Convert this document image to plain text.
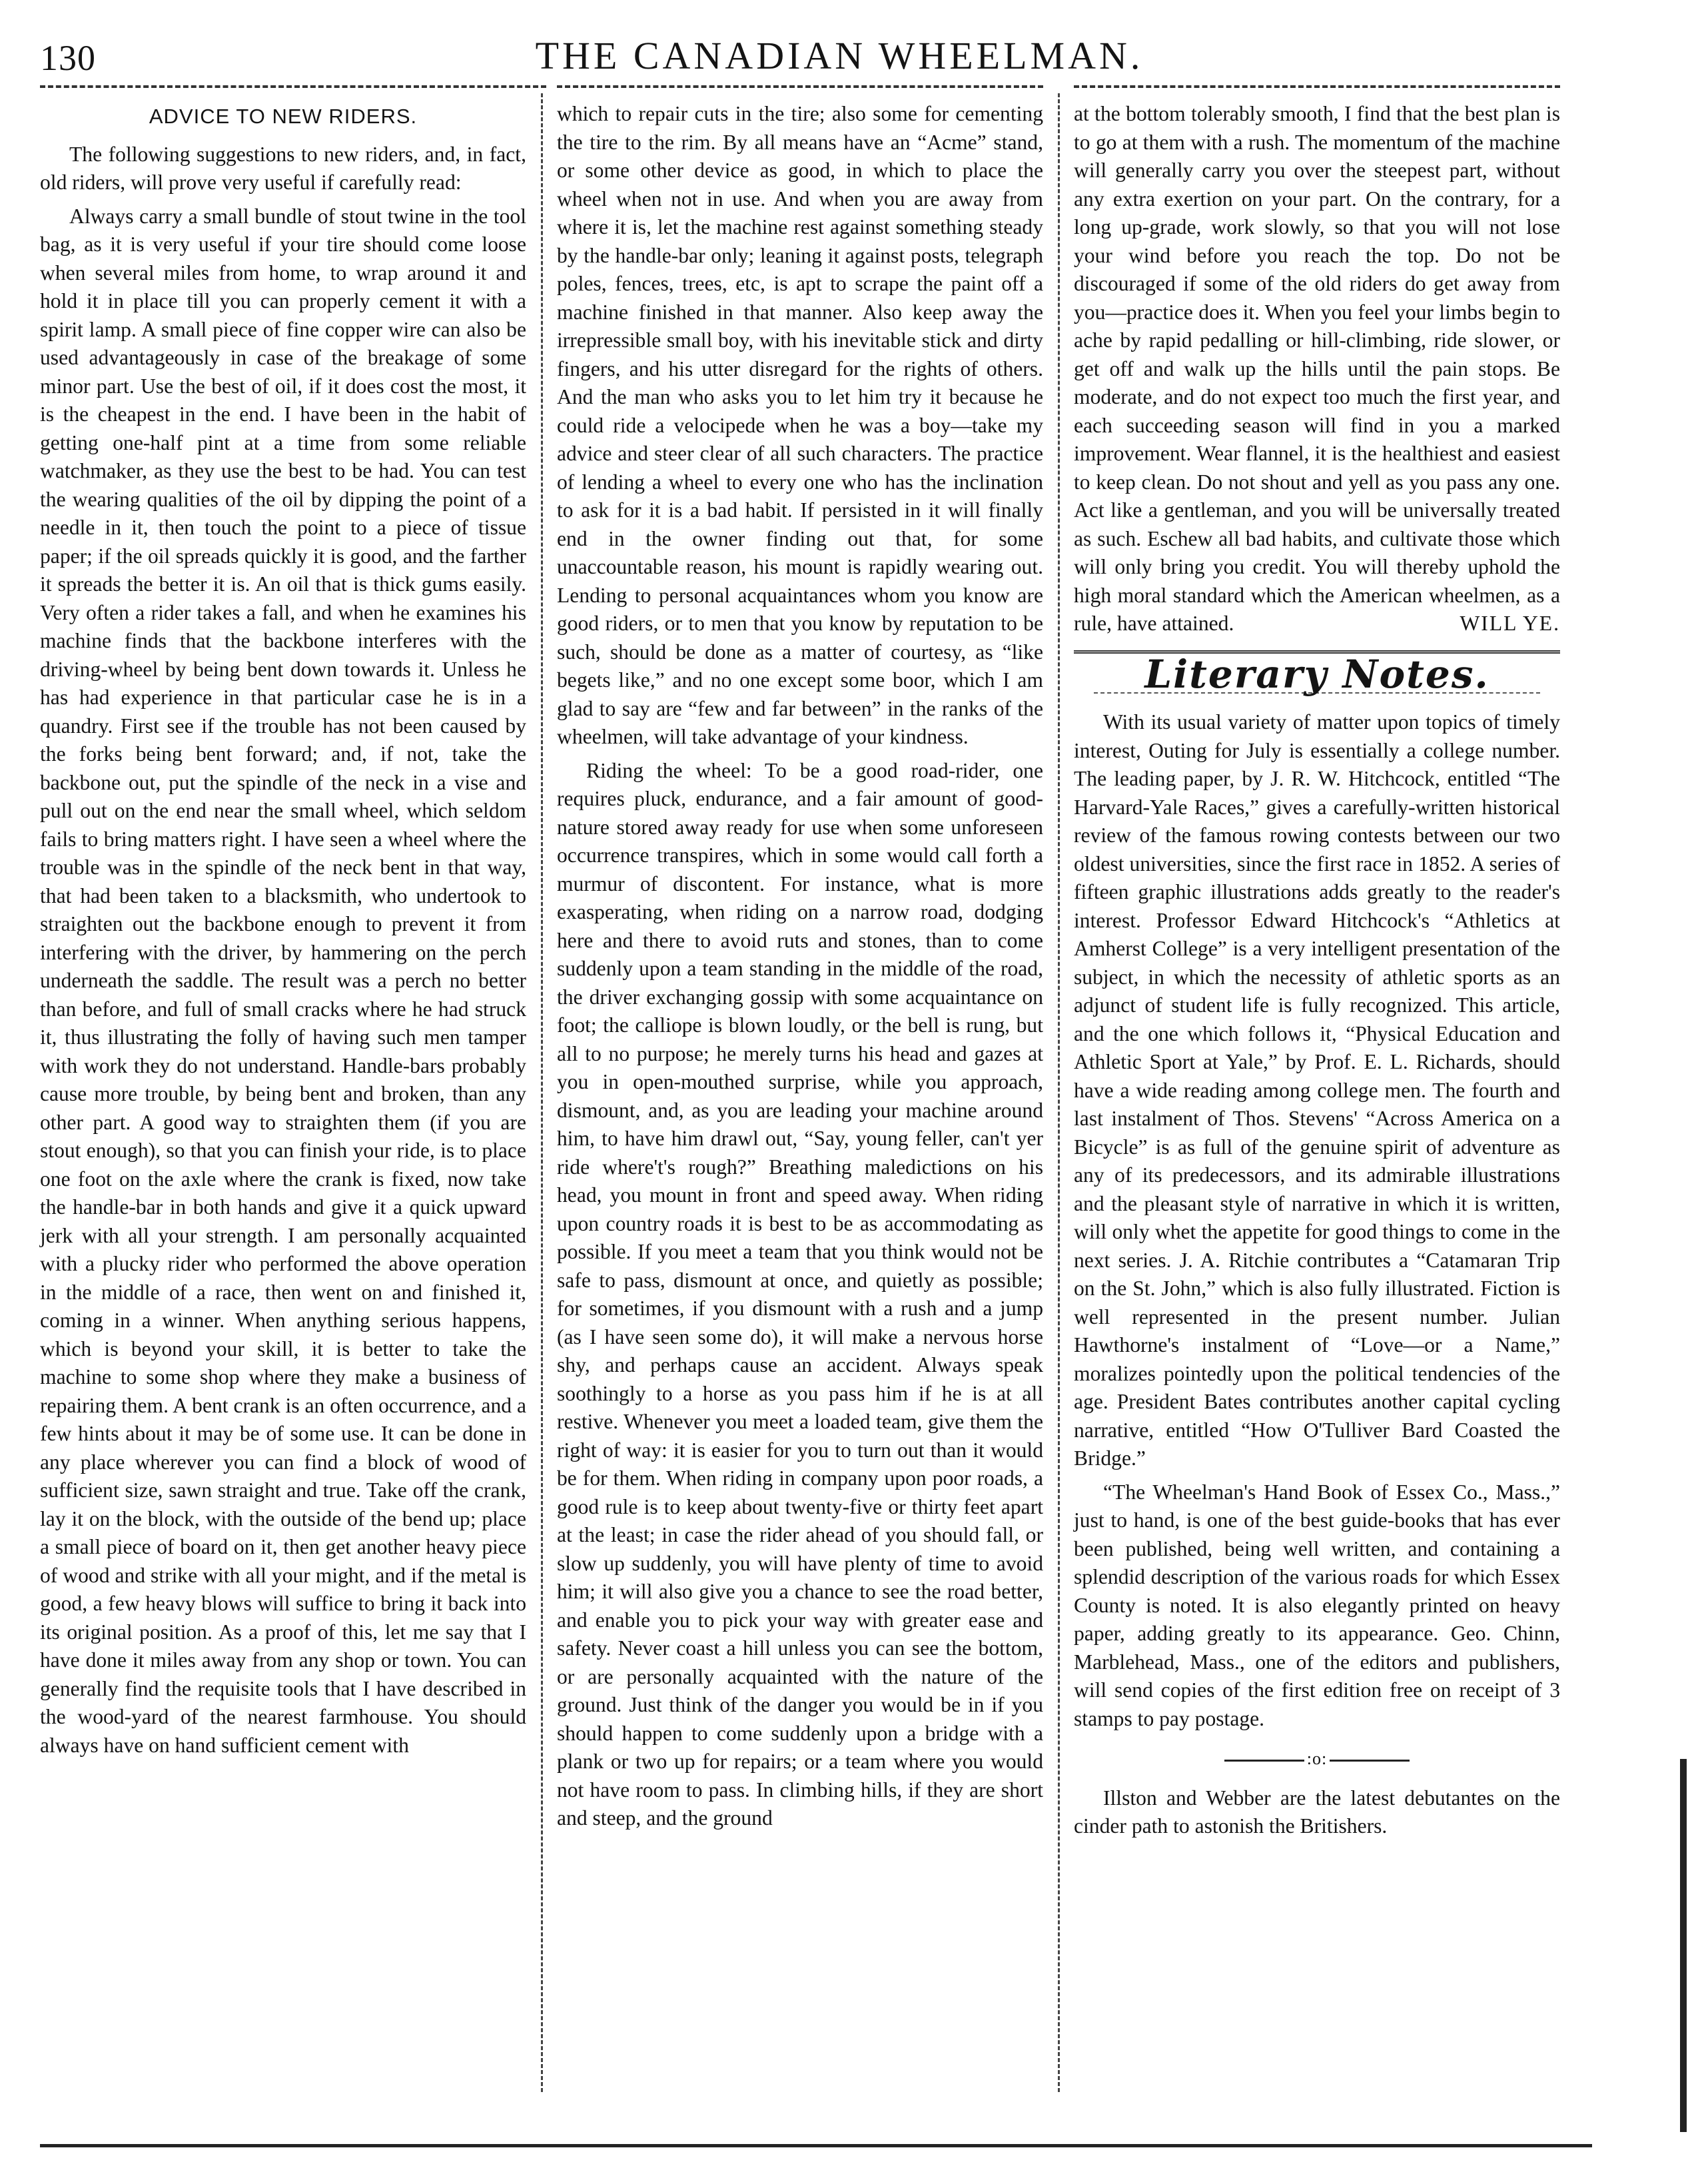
130	THE CANADIAN WHEELMAN.
ADVICE TO NEW RIDERS.

The following suggestions to new riders, and, in fact, old riders, will prove very useful if carefully read:

Always carry a small bundle of stout twine in the tool bag, as it is very useful if your tire should come loose when several miles from home, to wrap around it and hold it in place till you can properly cement it with a spirit lamp. A small piece of fine copper wire can also be used advantageously in case of the breakage of some minor part. Use the best of oil, if it does cost the most, it is the cheapest in the end. I have been in the habit of getting one-half pint at a time from some reliable watchmaker, as they use the best to be had. You can test the wearing qualities of the oil by dipping the point of a needle in it, then touch the point to a piece of tissue paper; if the oil spreads quickly it is good, and the farther it spreads the better it is. An oil that is thick gums easily. Very often a rider takes a fall, and when he examines his machine finds that the backbone interferes with the driving-wheel by being bent down towards it. Unless he has had experience in that particular case he is in a quandry. First see if the trouble has not been caused by the forks being bent forward; and, if not, take the backbone out, put the spindle of the neck in a vise and pull out on the end near the small wheel, which seldom fails to bring matters right. I have seen a wheel where the trouble was in the spindle of the neck bent in that way, that had been taken to a blacksmith, who undertook to straighten out the backbone enough to prevent it from interfering with the driver, by hammering on the perch underneath the saddle. The result was a perch no better than before, and full of small cracks where he had struck it, thus illustrating the folly of having such men tamper with work they do not understand. Handle-bars probably cause more trouble, by being bent and broken, than any other part. A good way to straighten them (if you are stout enough), so that you can finish your ride, is to place one foot on the axle where the crank is fixed, now take the handle-bar in both hands and give it a quick upward jerk with all your strength. I am personally acquainted with a plucky rider who performed the above operation in the middle of a race, then went on and finished it, coming in a winner. When anything serious happens, which is beyond your skill, it is better to take the machine to some shop where they make a business of repairing them. A bent crank is an often occurrence, and a few hints about it may be of some use. It can be done in any place wherever you can find a block of wood of sufficient size, sawn straight and true. Take off the crank, lay it on the block, with the outside of the bend up; place a small piece of board on it, then get another heavy piece of wood and strike with all your might, and if the metal is good, a few heavy blows will suffice to bring it back into its original position. As a proof of this, let me say that I have done it miles away from any shop or town. You can generally find the requisite tools that I have described in the wood-yard of the nearest farmhouse. You should always have on hand sufficient cement with

which to repair cuts in the tire; also some for cementing the tire to the rim. By all means have an “Acme” stand, or some other device as good, in which to place the wheel when not in use. And when you are away from where it is, let the machine rest against something steady by the handle-bar only; leaning it against posts, telegraph poles, fences, trees, etc, is apt to scrape the paint off a machine finished in that manner. Also keep away the irrepressible small boy, with his inevitable stick and dirty fingers, and his utter disregard for the rights of others. And the man who asks you to let him try it because he could ride a velocipede when he was a boy—take my advice and steer clear of all such characters. The practice of lending a wheel to every one who has the inclination to ask for it is a bad habit. If persisted in it will finally end in the owner finding out that, for some unaccountable reason, his mount is rapidly wearing out. Lending to personal acquaintances whom you know are good riders, or to men that you know by reputation to be such, should be done as a matter of courtesy, as “like begets like,” and no one except some boor, which I am glad to say are “few and far between” in the ranks of the wheelmen, will take advantage of your kindness.

Riding the wheel: To be a good road-rider, one requires pluck, endurance, and a fair amount of good-nature stored away ready for use when some unforeseen occurrence transpires, which in some would call forth a murmur of discontent. For instance, what is more exasperating, when riding on a narrow road, dodging here and there to avoid ruts and stones, than to come suddenly upon a team standing in the middle of the road, the driver exchanging gossip with some acquaintance on foot; the calliope is blown loudly, or the bell is rung, but all to no purpose; he merely turns his head and gazes at you in open-mouthed surprise, while you approach, dismount, and, as you are leading your machine around him, to have him drawl out, “Say, young feller, can't yer ride where't's rough?” Breathing maledictions on his head, you mount in front and speed away. When riding upon country roads it is best to be as accommodating as possible. If you meet a team that you think would not be safe to pass, dismount at once, and quietly as possible; for sometimes, if you dismount with a rush and a jump (as I have seen some do), it will make a nervous horse shy, and perhaps cause an accident. Always speak soothingly to a horse as you pass him if he is at all restive. Whenever you meet a loaded team, give them the right of way: it is easier for you to turn out than it would be for them. When riding in company upon poor roads, a good rule is to keep about twenty-five or thirty feet apart at the least; in case the rider ahead of you should fall, or slow up suddenly, you will have plenty of time to avoid him; it will also give you a chance to see the road better, and enable you to pick your way with greater ease and safety. Never coast a hill unless you can see the bottom, or are personally acquainted with the nature of the ground. Just think of the danger you would be in if you should happen to come suddenly upon a bridge with a plank or two up for repairs; or a team where you would not have room to pass. In climbing hills, if they are short and steep, and the ground

at the bottom tolerably smooth, I find that the best plan is to go at them with a rush. The momentum of the machine will generally carry you over the steepest part, without any extra exertion on your part. On the contrary, for a long up-grade, work slowly, so that you will not lose your wind before you reach the top. Do not be discouraged if some of the old riders do get away from you—practice does it. When you feel your limbs begin to ache by rapid pedalling or hill-climbing, ride slower, or get off and walk up the hills until the pain stops. Be moderate, and do not expect too much the first year, and each succeeding season will find in you a marked improvement. Wear flannel, it is the healthiest and easiest to keep clean. Do not shout and yell as you pass any one. Act like a gentleman, and you will be universally treated as such. Eschew all bad habits, and cultivate those which will only bring you credit. You will thereby uphold the high moral standard which the American wheelmen, as a rule, have attained.	WILL YE.

Literary Notes.

With its usual variety of matter upon topics of timely interest, Outing for July is essentially a college number. The leading paper, by J. R. W. Hitchcock, entitled “The Harvard-Yale Races,” gives a carefully-written historical review of the famous rowing contests between our two oldest universities, since the first race in 1852. A series of fifteen graphic illustrations adds greatly to the reader's interest. Professor Edward Hitchcock's “Athletics at Amherst College” is a very intelligent presentation of the subject, in which the necessity of athletic sports as an adjunct of student life is fully recognized. This article, and the one which follows it, “Physical Education and Athletic Sport at Yale,” by Prof. E. L. Richards, should have a wide reading among college men. The fourth and last instalment of Thos. Stevens' “Across America on a Bicycle” is as full of the genuine spirit of adventure as any of its predecessors, and its admirable illustrations and the pleasant style of narrative in which it is written, will only whet the appetite for good things to come in the next series. J. A. Ritchie contributes a “Catamaran Trip on the St. John,” which is also fully illustrated. Fiction is well represented in the present number. Julian Hawthorne's instalment of “Love—or a Name,” moralizes pointedly upon the political tendencies of the age. President Bates contributes another capital cycling narrative, entitled “How O'Tulliver Bard Coasted the Bridge.”

“The Wheelman's Hand Book of Essex Co., Mass.,” just to hand, is one of the best guide-books that has ever been published, being well written, and containing a splendid description of the various roads for which Essex County is noted. It is also elegantly printed on heavy paper, adding greatly to its appearance. Geo. Chinn, Marblehead, Mass., one of the editors and publishers, will send copies of the first edition free on receipt of 3 stamps to pay postage.

:o:

Illston and Webber are the latest debutantes on the cinder path to astonish the Britishers.
